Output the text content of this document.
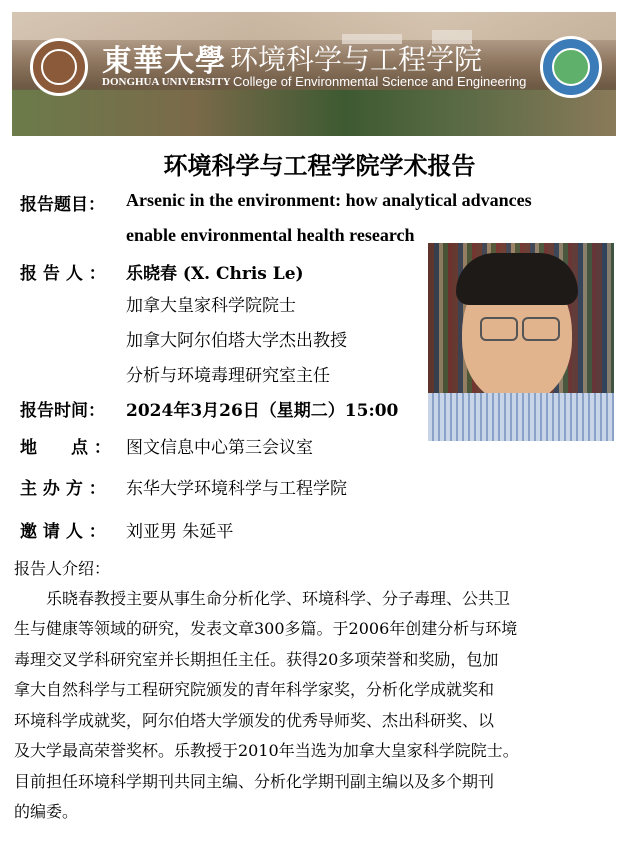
東華大學 环境科学与工程学院
DONGHUA UNIVERSITY College of Environmental Science and Engineering
环境科学与工程学院学术报告
报告题目： Arsenic in the environment: how analytical advances
enable environmental health research
报 告 人 ： 乐晓春 (X. Chris Le)
加拿大皇家科学院院士
加拿大阿尔伯塔大学杰出教授
分析与环境毒理研究室主任
报告时间： 2024年3月26日（星期二）15:00
地　　点 ： 图文信息中心第三会议室
主 办 方 ： 东华大学环境科学与工程学院
邀 请 人 ： 刘亚男 朱延平
报告人介绍：
　　乐晓春教授主要从事生命分析化学、环境科学、分子毒理、公共卫
生与健康等领域的研究，发表文章300多篇。于2006年创建分析与环境
毒理交叉学科研究室并长期担任主任。获得20多项荣誉和奖励，包加
拿大自然科学与工程研究院颁发的青年科学家奖，分析化学成就奖和
环境科学成就奖，阿尔伯塔大学颁发的优秀导师奖、杰出科研奖、以
及大学最高荣誉奖杯。乐教授于2010年当选为加拿大皇家科学院院士。
目前担任环境科学期刊共同主编、分析化学期刊副主编以及多个期刊
的编委。
